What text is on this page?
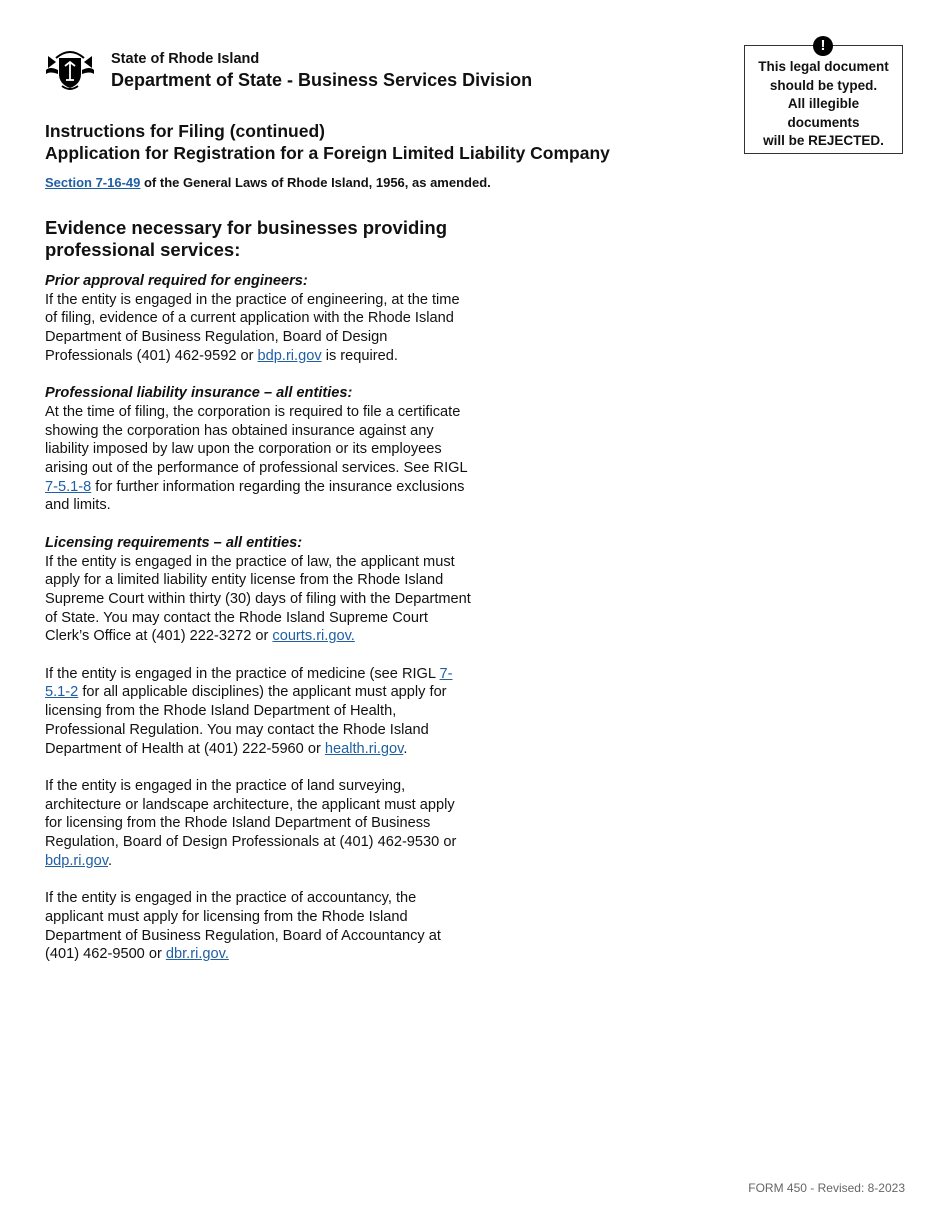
State of Rhode Island
Department of State - Business Services Division
!
This legal document
should be typed.
All illegible
documents
will be REJECTED.
Instructions for Filing (continued)
Application for Registration for a Foreign Limited Liability Company
Section 7-16-49 of the General Laws of Rhode Island, 1956, as amended.
Evidence necessary for businesses providing professional services:

Prior approval required for engineers:
If the entity is engaged in the practice of engineering, at the time of filing, evidence of a current application with the Rhode Island Department of Business Regulation, Board of Design Professionals (401) 462-9592 or bdp.ri.gov is required.

Professional liability insurance – all entities:
At the time of filing, the corporation is required to file a certificate showing the corporation has obtained insurance against any liability imposed by law upon the corporation or its employees arising out of the performance of professional services. See RIGL 7-5.1-8 for further information regarding the insurance exclusions and limits.

Licensing requirements – all entities:
If the entity is engaged in the practice of law, the applicant must apply for a limited liability entity license from the Rhode Island Supreme Court within thirty (30) days of filing with the Department of State. You may contact the Rhode Island Supreme Court Clerk’s Office at (401) 222-3272 or courts.ri.gov.

If the entity is engaged in the practice of medicine (see RIGL 7-5.1-2 for all applicable disciplines) the applicant must apply for licensing from the Rhode Island Department of Health, Professional Regulation. You may contact the Rhode Island Department of Health at (401) 222-5960 or health.ri.gov.

If the entity is engaged in the practice of land surveying, architecture or landscape architecture, the applicant must apply for licensing from the Rhode Island Department of Business Regulation, Board of Design Professionals at (401) 462-9530 or bdp.ri.gov.

If the entity is engaged in the practice of accountancy, the applicant must apply for licensing from the Rhode Island Department of Business Regulation, Board of Accountancy at (401) 462-9500 or dbr.ri.gov.

FORM 450 - Revised: 8-2023
